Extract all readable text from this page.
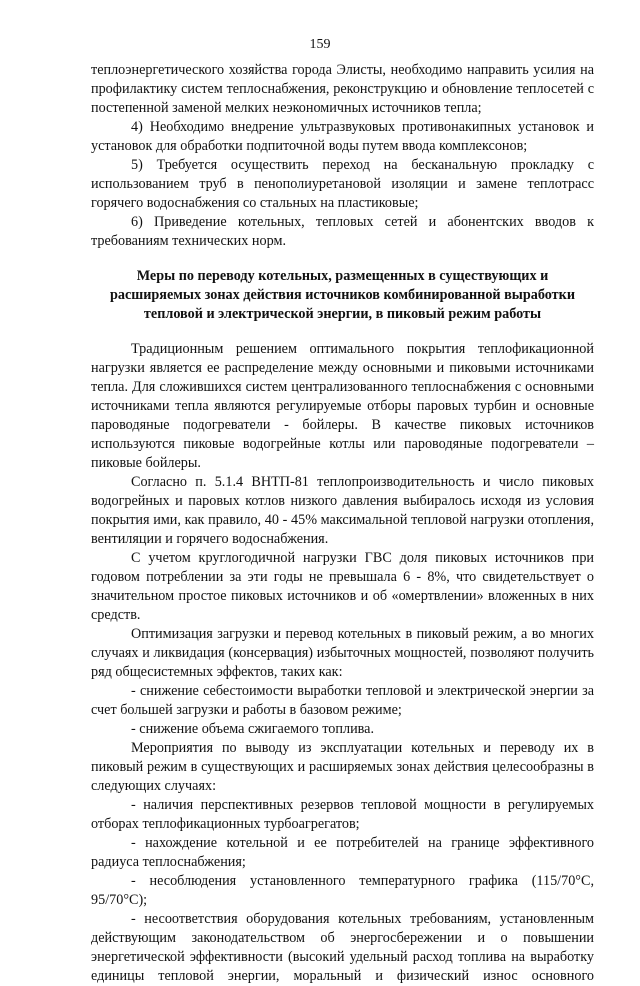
159

теплоэнергетического хозяйства города Элисты, необходимо направить усилия на профилактику систем теплоснабжения, реконструкцию и обновление теплосетей с постепенной заменой мелких неэкономичных источников тепла;

4) Необходимо внедрение ультразвуковых противонакипных установок и установок для обработки подпиточной воды путем ввода комплексонов;

5) Требуется осуществить переход на бесканальную прокладку с использованием труб в пенополиуретановой изоляции и замене теплотрасс горячего водоснабжения со стальных на пластиковые;

6) Приведение котельных, тепловых сетей и абонентских вводов к требованиям технических норм.

Меры по переводу котельных, размещенных в существующих и расширяемых зонах действия источников комбинированной выработки тепловой и электрической энергии, в пиковый режим работы

Традиционным решением оптимального покрытия теплофикационной нагрузки является ее распределение между основными и пиковыми источниками тепла. Для сложившихся систем централизованного теплоснабжения с основными источниками тепла являются регулируемые отборы паровых турбин и основные пароводяные подогреватели - бойлеры. В качестве пиковых источников используются пиковые водогрейные котлы или пароводяные подогреватели – пиковые бойлеры.

Согласно п. 5.1.4 ВНТП-81 теплопроизводительность и число пиковых водогрейных и паровых котлов низкого давления выбиралось исходя из условия покрытия ими, как правило, 40 - 45% максимальной тепловой нагрузки отопления, вентиляции и горячего водоснабжения.

С учетом круглогодичной нагрузки ГВС доля пиковых источников при годовом потреблении за эти годы не превышала 6 - 8%, что свидетельствует о значительном простое пиковых источников и об «омертвлении» вложенных в них средств.

Оптимизация загрузки и перевод котельных в пиковый режим, а во многих случаях и ликвидация (консервация) избыточных мощностей, позволяют получить ряд общесистемных эффектов, таких как:

- снижение себестоимости выработки тепловой и электрической энергии за счет большей загрузки и работы в базовом режиме;

- снижение объема сжигаемого топлива.

Мероприятия по выводу из эксплуатации котельных и переводу их в пиковый режим в существующих и расширяемых зонах действия целесообразны в следующих случаях:

- наличия перспективных резервов тепловой мощности в регулируемых отборах теплофикационных турбоагрегатов;

- нахождение котельной и ее потребителей на границе эффективного радиуса теплоснабжения;

- несоблюдения установленного температурного графика (115/70°С, 95/70°С);

- несоответствия оборудования котельных требованиям, установленным действующим законодательством об энергосбережении и о повышении энергетической эффективности (высокий удельный расход топлива на выработку единицы тепловой энергии, моральный и физический износ основного
